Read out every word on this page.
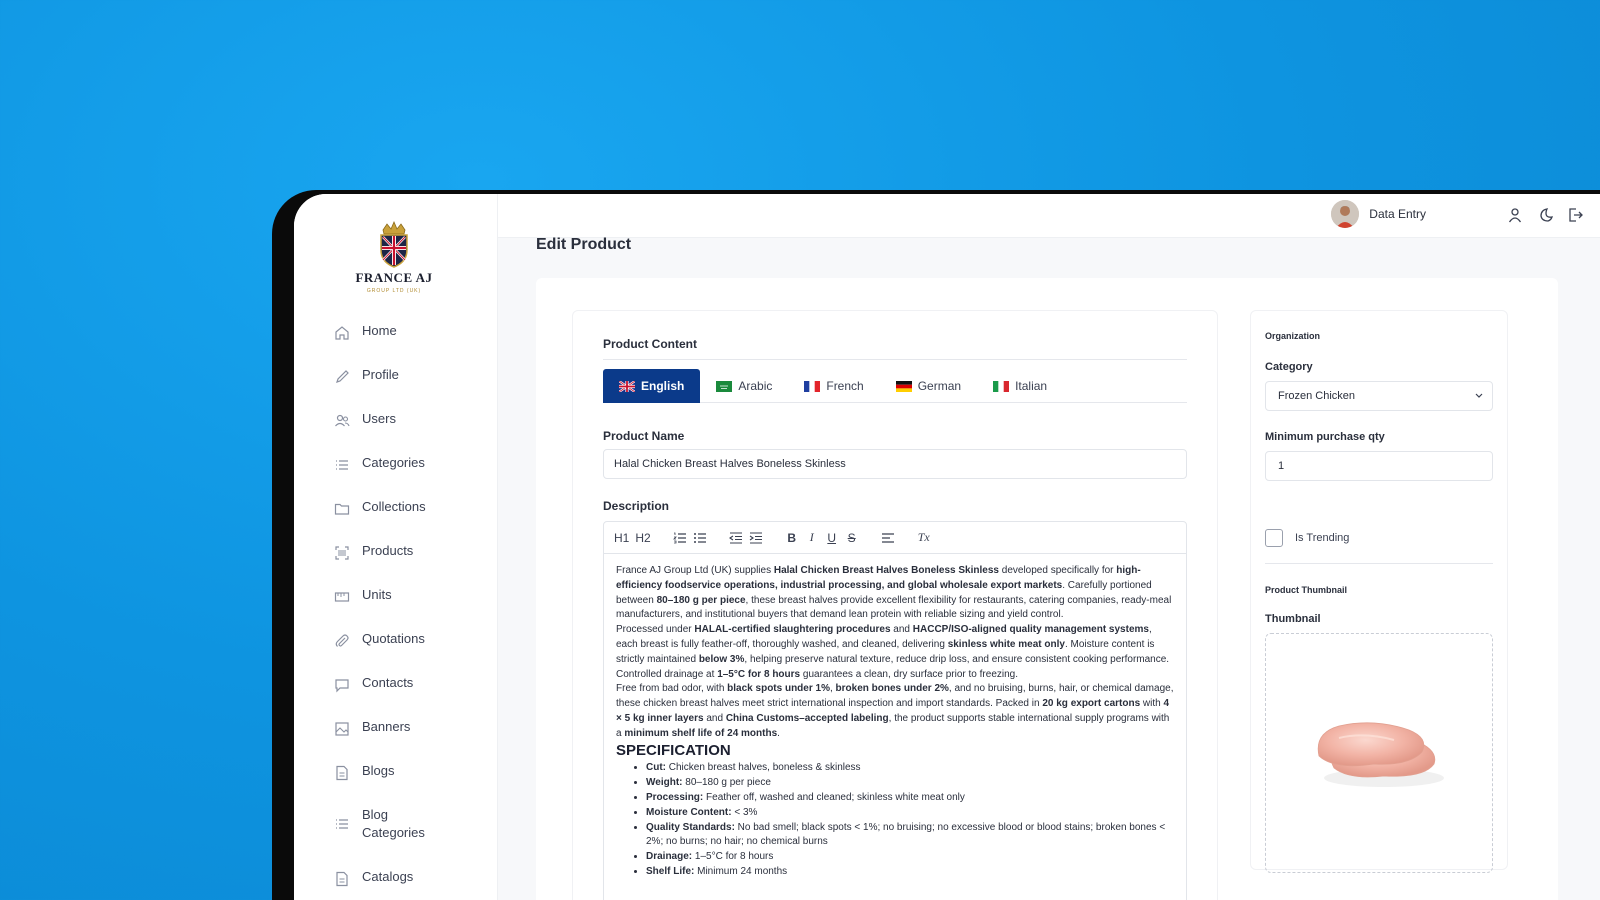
FRANCE AJ
GROUP LTD (UK)
Home
Profile
Users
Categories
Collections
Products
Units
Quotations
Contacts
Banners
Blogs
Blog Categories
Catalogs
Data Entry
Edit Product
Product Content
English	Arabic	French	German	Italian
Product Name
Halal Chicken Breast Halves Boneless Skinless
Description
H1 H2	B	I	U S	Tx

France AJ Group Ltd (UK) supplies Halal Chicken Breast Halves Boneless Skinless developed specifically for high-efficiency foodservice operations, industrial processing, and global wholesale export markets. Carefully portioned between 80–180 g per piece, these breast halves provide excellent flexibility for restaurants, catering companies, ready-meal manufacturers, and institutional buyers that demand lean protein with reliable sizing and yield control.

Processed under HALAL-certified slaughtering procedures and HACCP/ISO-aligned quality management systems, each breast is fully feather-off, thoroughly washed, and cleaned, delivering skinless white meat only. Moisture content is strictly maintained below 3%, helping preserve natural texture, reduce drip loss, and ensure consistent cooking performance. Controlled drainage at 1–5°C for 8 hours guarantees a clean, dry surface prior to freezing.

Free from bad odor, with black spots under 1%, broken bones under 2%, and no bruising, burns, hair, or chemical damage, these chicken breast halves meet strict international inspection and import standards. Packed in 20 kg export cartons with 4 × 5 kg inner layers and China Customs–accepted labeling, the product supports stable international supply programs with a minimum shelf life of 24 months.

SPECIFICATION
• Cut: Chicken breast halves, boneless & skinless
• Weight: 80–180 g per piece
• Processing: Feather off, washed and cleaned; skinless white meat only
• Moisture Content: < 3%
• Quality Standards: No bad smell; black spots < 1%; no bruising; no excessive blood or blood stains; broken bones < 2%; no burns; no hair; no chemical burns
• Drainage: 1–5°C for 8 hours
• Shelf Life: Minimum 24 months
Organization
Category
Frozen Chicken
Minimum purchase qty
1
Is Trending
Product Thumbnail
Thumbnail
